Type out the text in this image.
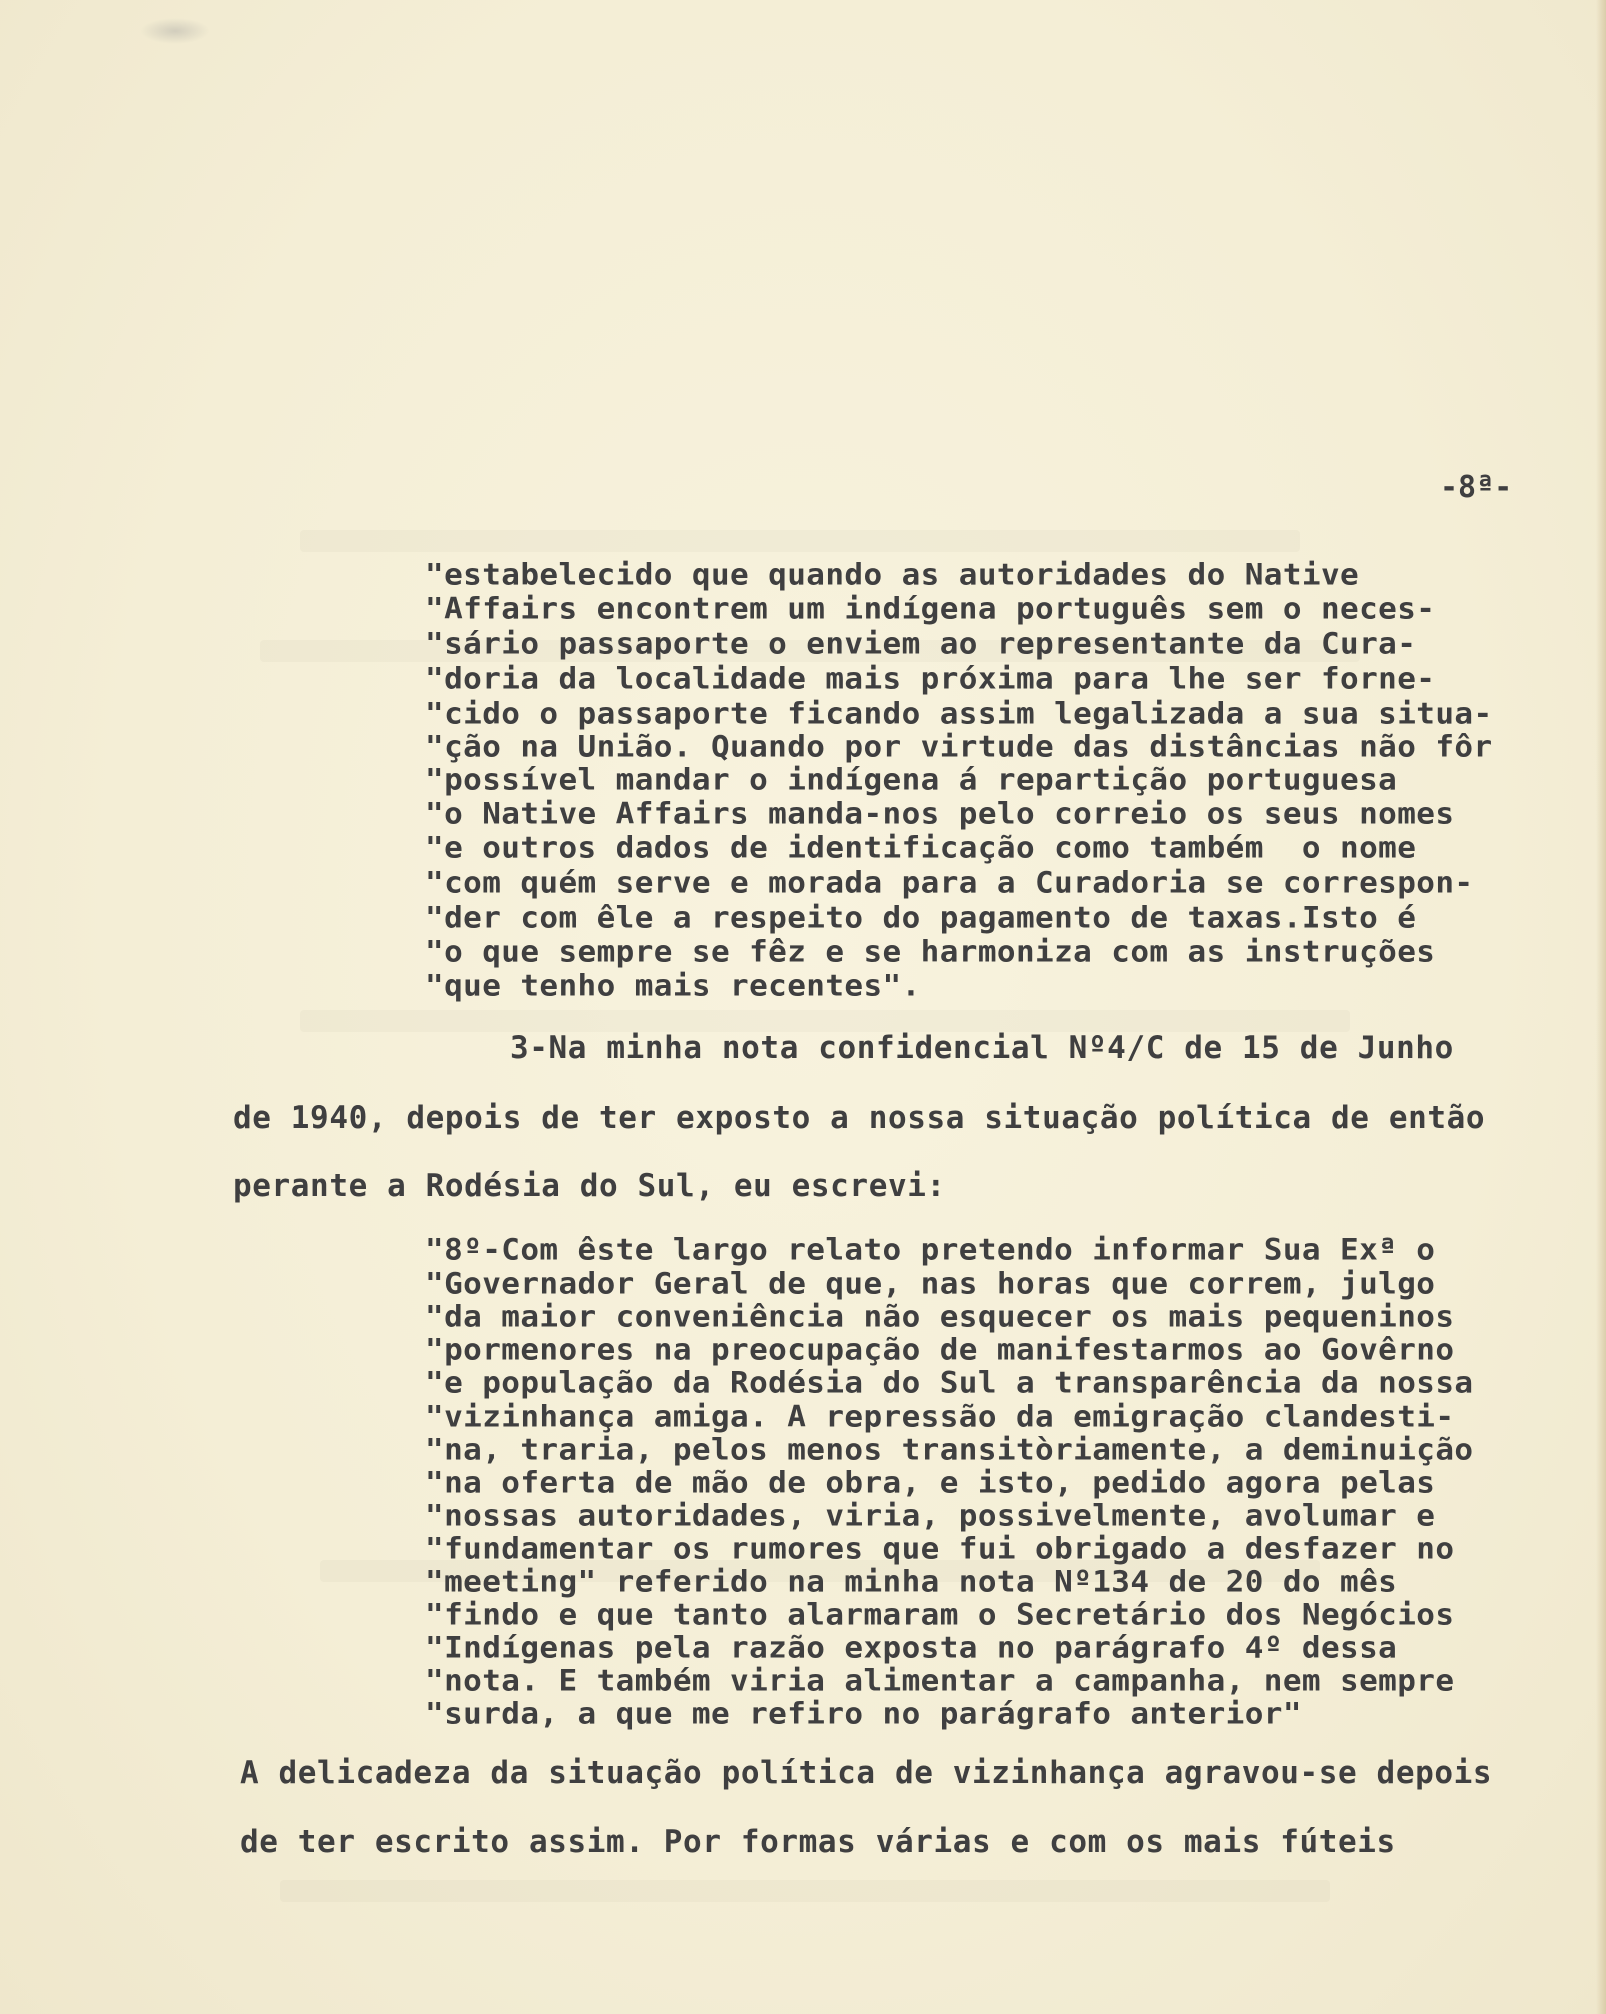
-8ª-
"estabelecido que quando as autoridades do Native
"Affairs encontrem um indígena português sem o neces-
"sário passaporte o enviem ao representante da Cura-
"doria da localidade mais próxima para lhe ser forne-
"cido o passaporte ficando assim legalizada a sua situa-
"ção na União. Quando por virtude das distâncias não fôr
"possível mandar o indígena á repartição portuguesa
"o Native Affairs manda-nos pelo correio os seus nomes
"e outros dados de identificação como também  o nome
"com quém serve e morada para a Curadoria se correspon-
"der com êle a respeito do pagamento de taxas.Isto é
"o que sempre se fêz e se harmoniza com as instruções
"que tenho mais recentes".
3-Na minha nota confidencial Nº4/C de 15 de Junho
de 1940, depois de ter exposto a nossa situação política de então
perante a Rodésia do Sul, eu escrevi:
"8º-Com êste largo relato pretendo informar Sua Exª o
"Governador Geral de que, nas horas que correm, julgo
"da maior conveniência não esquecer os mais pequeninos
"pormenores na preocupação de manifestarmos ao Govêrno
"e população da Rodésia do Sul a transparência da nossa
"vizinhança amiga. A repressão da emigração clandesti-
"na, traria, pelos menos transitòriamente, a deminuição
"na oferta de mão de obra, e isto, pedido agora pelas
"nossas autoridades, viria, possivelmente, avolumar e
"fundamentar os rumores que fui obrigado a desfazer no
"meeting" referido na minha nota Nº134 de 20 do mês
"findo e que tanto alarmaram o Secretário dos Negócios
"Indígenas pela razão exposta no parágrafo 4º dessa
"nota. E também viria alimentar a campanha, nem sempre
"surda, a que me refiro no parágrafo anterior"
A delicadeza da situação política de vizinhança agravou-se depois
de ter escrito assim. Por formas várias e com os mais fúteis
